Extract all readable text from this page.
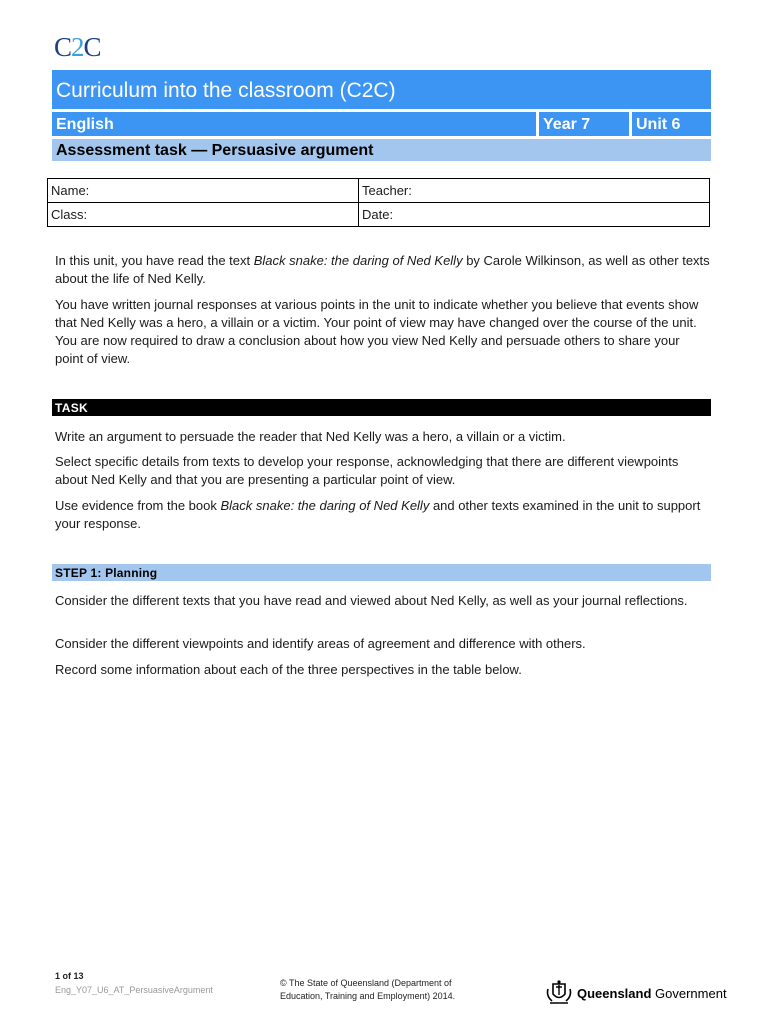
C2C
Curriculum into the classroom (C2C)
English	Year 7	Unit 6
Assessment task — Persuasive argument
Name:	Teacher:
Class:	Date:
In this unit, you have read the text Black snake: the daring of Ned Kelly by Carole Wilkinson, as well as other texts about the life of Ned Kelly.
You have written journal responses at various points in the unit to indicate whether you believe that events show that Ned Kelly was a hero, a villain or a victim. Your point of view may have changed over the course of the unit. You are now required to draw a conclusion about how you view Ned Kelly and persuade others to share your point of view.
TASK
Write an argument to persuade the reader that Ned Kelly was a hero, a villain or a victim.
Select specific details from texts to develop your response, acknowledging that there are different viewpoints about Ned Kelly and that you are presenting a particular point of view.
Use evidence from the book Black snake: the daring of Ned Kelly and other texts examined in the unit to support your response.
STEP 1: Planning
Consider the different texts that you have read and viewed about Ned Kelly, as well as your journal reflections.
Consider the different viewpoints and identify areas of agreement and difference with others.
Record some information about each of the three perspectives in the table below.
1 of 13
Eng_Y07_U6_AT_PersuasiveArgument
© The State of Queensland (Department of Education, Training and Employment) 2014.	Queensland Government
